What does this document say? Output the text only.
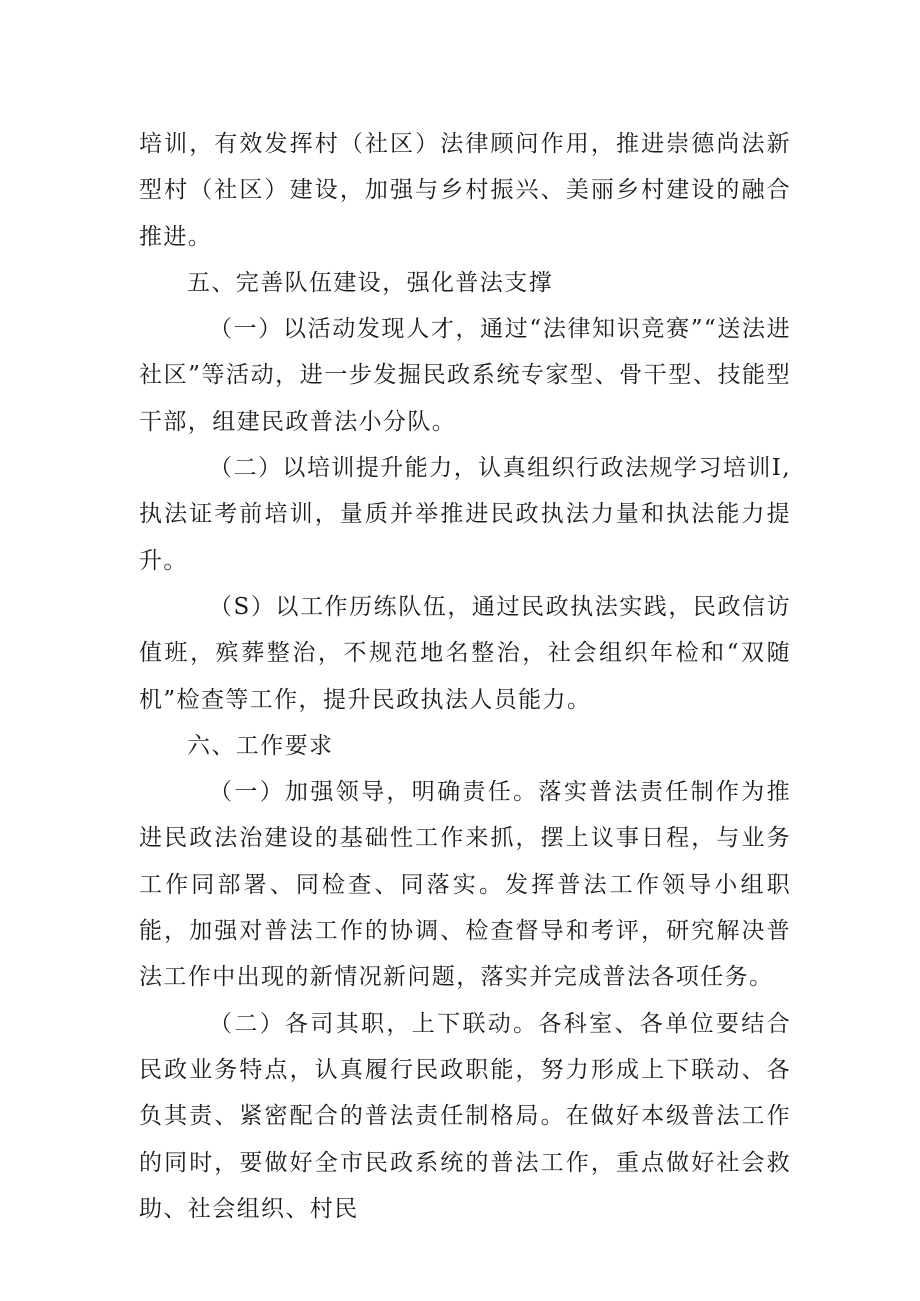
培训，有效发挥村（社区）法律顾问作用，推进崇德尚法新型村（社区）建设，加强与乡村振兴、美丽乡村建设的融合推进。

五、完善队伍建设，强化普法支撑

（一）以活动发现人才，通过“法律知识竞赛”“送法进社区”等活动，进一步发掘民政系统专家型、骨干型、技能型干部，组建民政普法小分队。

（二）以培训提升能力，认真组织行政法规学习培训I,执法证考前培训，量质并举推进民政执法力量和执法能力提升。

（S）以工作历练队伍，通过民政执法实践，民政信访值班，殡葬整治，不规范地名整治，社会组织年检和“双随机”检查等工作，提升民政执法人员能力。

六、工作要求

（一）加强领导，明确责任。落实普法责任制作为推进民政法治建设的基础性工作来抓，摆上议事日程，与业务工作同部署、同检查、同落实。发挥普法工作领导小组职能，加强对普法工作的协调、检查督导和考评，研究解决普法工作中出现的新情况新问题，落实并完成普法各项任务。

（二）各司其职，上下联动。各科室、各单位要结合民政业务特点，认真履行民政职能，努力形成上下联动、各负其责、紧密配合的普法责任制格局。在做好本级普法工作的同时，要做好全市民政系统的普法工作，重点做好社会救助、社会组织、村民
